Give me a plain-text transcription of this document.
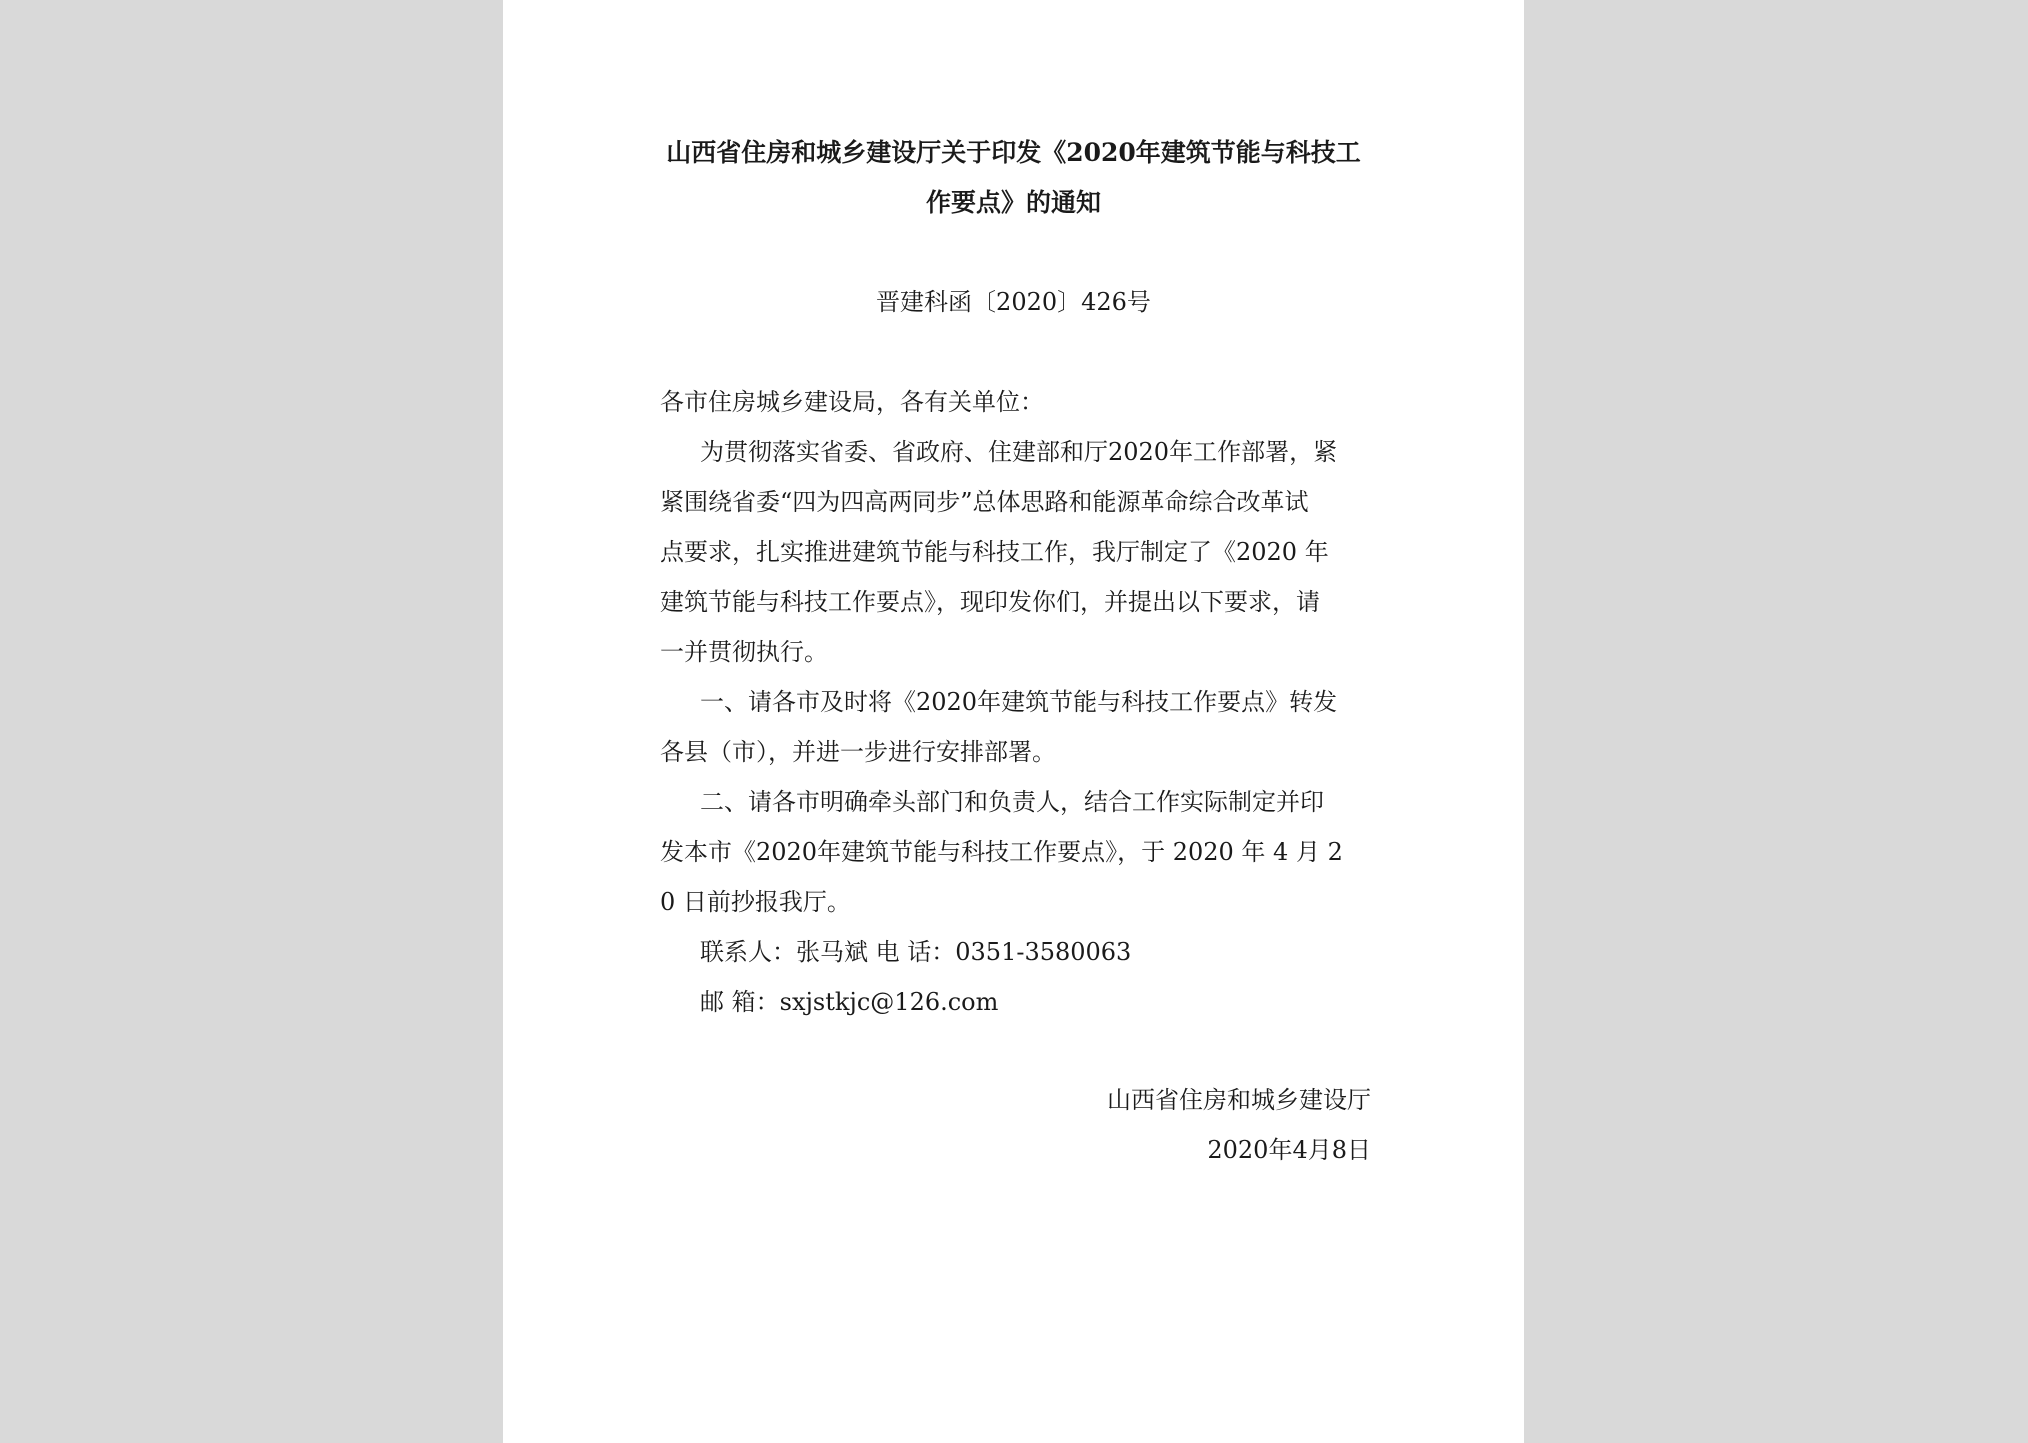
山西省住房和城乡建设厅关于印发《2020年建筑节能与科技工
作要点》的通知
晋建科函〔2020〕426号
各市住房城乡建设局，各有关单位：
为贯彻落实省委、省政府、住建部和厅2020年工作部署，紧
紧围绕省委“四为四高两同步”总体思路和能源革命综合改革试
点要求，扎实推进建筑节能与科技工作，我厅制定了《2020 年
建筑节能与科技工作要点》，现印发你们，并提出以下要求，请
一并贯彻执行。
一、请各市及时将《2020年建筑节能与科技工作要点》转发
各县（市），并进一步进行安排部署。
二、请各市明确牵头部门和负责人，结合工作实际制定并印
发本市《2020年建筑节能与科技工作要点》，于 2020 年 4 月 2
0 日前抄报我厅。
联系人：张马斌 电 话：0351-3580063
邮 箱：sxjstkjc@126.com
山西省住房和城乡建设厅
2020年4月8日
